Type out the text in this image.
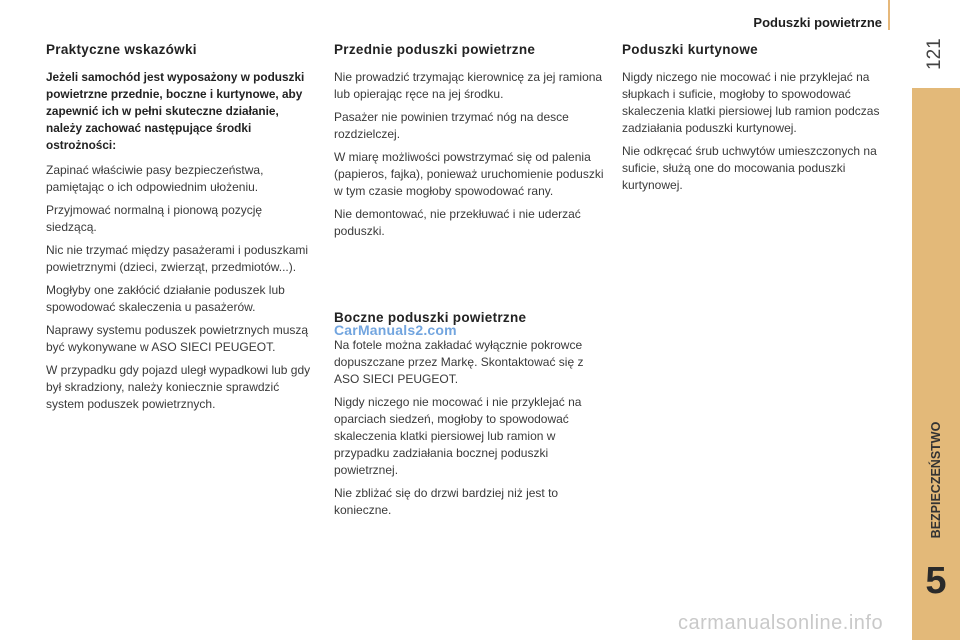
Poduszki powietrzne
121
BEZPIECZEŃSTWO
5
Praktyczne wskazówki

Jeżeli samochód jest wyposażony w poduszki powietrzne przednie, boczne i kurtynowe, aby zapewnić ich w pełni skuteczne działanie, należy zachować następujące środki ostrożności:

Zapinać właściwie pasy bezpieczeństwa, pamiętając o ich odpowiednim ułożeniu.

Przyjmować normalną i pionową pozycję siedzącą.

Nic nie trzymać między pasażerami i poduszkami powietrznymi (dzieci, zwierząt, przedmiotów...).

Mogłyby one zakłócić działanie poduszek lub spowodować skaleczenia u pasażerów.

Naprawy systemu poduszek powietrznych muszą być wykonywane w ASO SIECI PEUGEOT.

W przypadku gdy pojazd uległ wypadkowi lub gdy był skradziony, należy koniecznie sprawdzić system poduszek powietrznych.

Przednie poduszki powietrzne

Nie prowadzić trzymając kierownicę za jej ramiona lub opierając ręce na jej środku.

Pasażer nie powinien trzymać nóg na desce rozdzielczej.

W miarę możliwości powstrzymać się od palenia (papieros, fajka), ponieważ uruchomienie poduszki w tym czasie mogłoby spowodować rany.

Nie demontować, nie przekłuwać i nie uderzać poduszki.

Boczne poduszki powietrzne

Na fotele można zakładać wyłącznie pokrowce dopuszczane przez Markę. Skontaktować się z ASO SIECI PEUGEOT.

Nigdy niczego nie mocować i nie przyklejać na oparciach siedzeń, mogłoby to spowodować skaleczenia klatki piersiowej lub ramion w przypadku zadziałania bocznej poduszki powietrznej.

Nie zbliżać się do drzwi bardziej niż jest to konieczne.

Poduszki kurtynowe

Nigdy niczego nie mocować i nie przyklejać na słupkach i suficie, mogłoby to spowodować skaleczenia klatki piersiowej lub ramion podczas zadziałania poduszki kurtynowej.

Nie odkręcać śrub uchwytów umieszczonych na suficie, służą one do mocowania poduszki kurtynowej.

CarManuals2.com
carmanualsonline.info
